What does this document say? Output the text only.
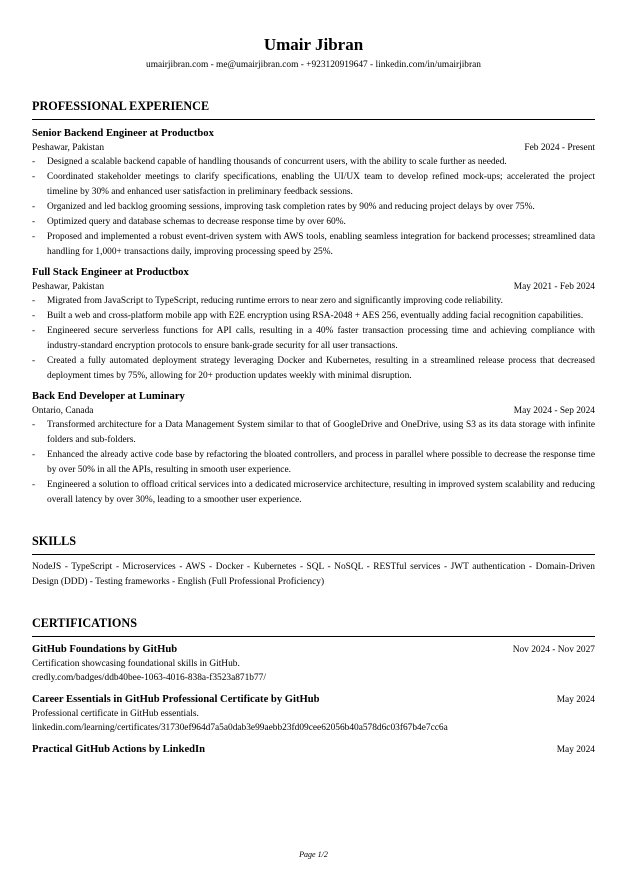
Umair Jibran
umairjibran.com - me@umairjibran.com - +923120919647 - linkedin.com/in/umairjibran
PROFESSIONAL EXPERIENCE
Senior Backend Engineer at Productbox
Peshawar, Pakistan	Feb 2024 - Present
- Designed a scalable backend capable of handling thousands of concurrent users, with the ability to scale further as needed.
- Coordinated stakeholder meetings to clarify specifications, enabling the UI/UX team to develop refined mock-ups; accelerated the project timeline by 30% and enhanced user satisfaction in preliminary feedback sessions.
- Organized and led backlog grooming sessions, improving task completion rates by 90% and reducing project delays by over 75%.
- Optimized query and database schemas to decrease response time by over 60%.
- Proposed and implemented a robust event-driven system with AWS tools, enabling seamless integration for backend processes; streamlined data handling for 1,000+ transactions daily, improving processing speed by 25%.
Full Stack Engineer at Productbox
Peshawar, Pakistan	May 2021 - Feb 2024
- Migrated from JavaScript to TypeScript, reducing runtime errors to near zero and significantly improving code reliability.
- Built a web and cross-platform mobile app with E2E encryption using RSA-2048 + AES 256, eventually adding facial recognition capabilities.
- Engineered secure serverless functions for API calls, resulting in a 40% faster transaction processing time and achieving compliance with industry-standard encryption protocols to ensure bank-grade security for all user transactions.
- Created a fully automated deployment strategy leveraging Docker and Kubernetes, resulting in a streamlined release process that decreased deployment times by 75%, allowing for 20+ production updates weekly with minimal disruption.
Back End Developer at Luminary
Ontario, Canada	May 2024 - Sep 2024
- Transformed architecture for a Data Management System similar to that of GoogleDrive and OneDrive, using S3 as its data storage with infinite folders and sub-folders.
- Enhanced the already active code base by refactoring the bloated controllers, and process in parallel where possible to decrease the response time by over 50% in all the APIs, resulting in smooth user experience.
- Engineered a solution to offload critical services into a dedicated microservice architecture, resulting in improved system scalability and reducing overall latency by over 30%, leading to a smoother user experience.
SKILLS
NodeJS - TypeScript - Microservices - AWS - Docker - Kubernetes - SQL - NoSQL - RESTful services - JWT authentication - Domain-Driven Design (DDD) - Testing frameworks - English (Full Professional Proficiency)
CERTIFICATIONS
GitHub Foundations by GitHub	Nov 2024 - Nov 2027
Certification showcasing foundational skills in GitHub.
credly.com/badges/ddb40bee-1063-4016-838a-f3523a871b77/
Career Essentials in GitHub Professional Certificate by GitHub	May 2024
Professional certificate in GitHub essentials.
linkedin.com/learning/certificates/31730ef964d7a5a0dab3e99aebb23fd09cee62056b40a578d6c03f67b4e7cc6a
Practical GitHub Actions by LinkedIn	May 2024
Page 1/2
